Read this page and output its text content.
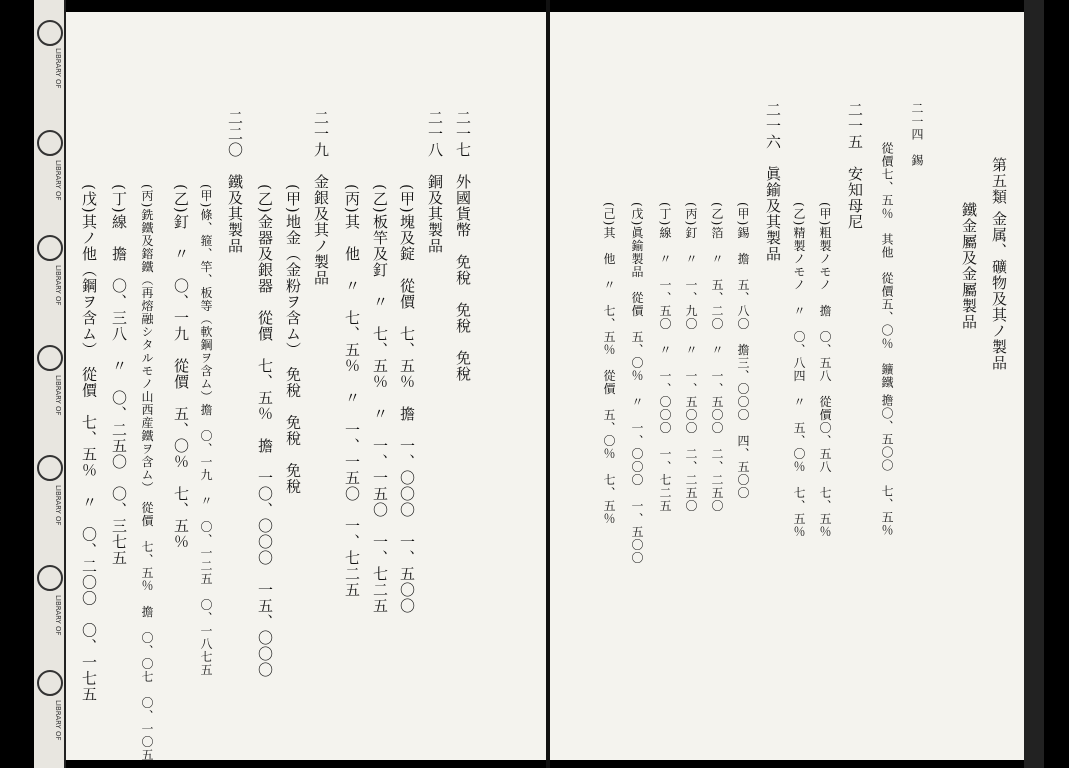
LIBRARY OF
LIBRARY OF
LIBRARY OF
LIBRARY OF
LIBRARY OF
LIBRARY OF
LIBRARY OF
二一七　外國貨幣　免稅　免稅　免稅
二一八　銅及其製品
(甲)塊及錠　從價　七、五％　擔　一、〇〇〇　一、五〇〇
(乙)板竿及釘　〃　七、五％　〃　一、一五〇　一、七二五
(丙)其　他　〃　七、五％　〃　一、一五〇　一、七二五
二一九　金銀及其ノ製品
(甲)地金（金粉ヲ含ム）　免稅　免稅　免稅
(乙)金器及銀器　從價　七、五％　擔　一〇、〇〇〇　一五、〇〇〇
二二〇　鐵及其製品
(甲)條、箍、竿、板等（軟鋼ヲ含ム）擔　〇、一九　〃　〇、一二五　〇、一八七五
(乙)釘　〃　〇、一九　從價　五、〇％　七、五％
(丙)銑鐵及鎔鐵（再熔融シタルモノ山西産鐵ヲ含ム）　從價　七、五％　擔　〇、〇七　〇、一〇五
(丁)線　擔　〇、三八　〃　〇、二五〇　〇、三七五
(戊)其ノ他（鋼ヲ含ム）　從價　七、五％　〃　〇、二〇〇　〇、一七五	第五類 金属、礦物及其ノ製品
鐵金屬及金屬製品
二一四　錫
從價七、五％　其他　從價五、〇％　鑛鐵 擔〇、五〇〇　七、五％
二一五　安知母尼
(甲)粗製ノモノ　擔　〇、五八　從價〇、五八　七、五％
(乙)精製ノモノ　〃　〇、八四　〃　五、〇％　七、五％
二一六　眞鍮及其製品
(甲)錫　擔　五、八〇　擔三、〇〇〇　四、五〇〇
(乙)箔　〃　五、二〇　〃　一、五〇〇　二、二五〇
(丙)釘　〃　一、九〇　〃　一、五〇〇　二、二五〇
(丁)線　〃　一、五〇　〃　一、〇〇〇　一、七二五
(戊)眞鍮製品　從價　五、〇％　〃　一、〇〇〇　一、五〇〇
(己)其　他　〃　七、五％　從價　五、〇％　七、五％
